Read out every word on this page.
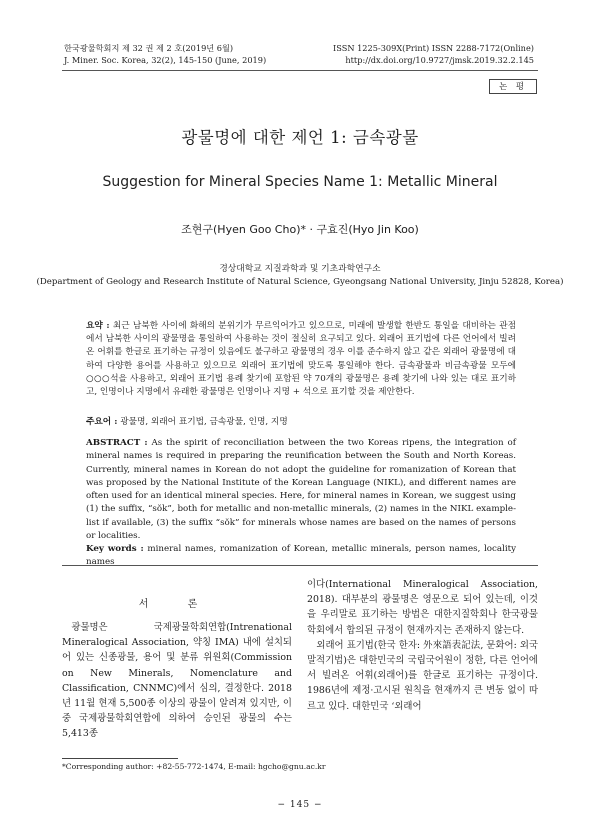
한국광물학회지 제 32 권 제 2 호(2019년 6월)
J. Miner. Soc. Korea, 32(2), 145-150 (June, 2019)
ISSN 1225-309X(Print) ISSN 2288-7172(Online)
http://dx.doi.org/10.9727/jmsk.2019.32.2.145
논 평
광물명에 대한 제언 1: 금속광물
Suggestion for Mineral Species Name 1: Metallic Mineral
조현구(Hyen Goo Cho)* · 구효진(Hyo Jin Koo)
경상대학교 지질과학과 및 기초과학연구소
(Department of Geology and Research Institute of Natural Science, Gyeongsang National University, Jinju 52828, Korea)
요약 : 최근 남북한 사이에 화해의 분위기가 무르익어가고 있으므로, 미래에 발생할 한반도 통일을 대비하는 관점에서 남북한 사이의 광물명을 통일하여 사용하는 것이 절실히 요구되고 있다. 외래어 표기법에 다른 언어에서 빌려온 어휘를 한글로 표기하는 규정이 있음에도 불구하고 광물명의 경우 이를 준수하지 않고 같은 외래어 광물명에 대하여 다양한 용어를 사용하고 있으므로 외래어 표기법에 맞도록 통일해야 한다. 금속광물과 비금속광물 모두에 ○○○석을 사용하고, 외래어 표기법 용례 찾기에 포함된 약 70개의 광물명은 용례 찾기에 나와 있는 대로 표기하고, 인명이나 지명에서 유래한 광물명은 인명이나 지명 + 석으로 표기할 것을 제안한다.
주요어 : 광물명, 외래어 표기법, 금속광물, 인명, 지명
ABSTRACT : As the spirit of reconciliation between the two Koreas ripens, the integration of mineral names is required in preparing the reunification between the South and North Koreas. Currently, mineral names in Korean do not adopt the guideline for romanization of Korean that was proposed by the National Institute of the Korean Language (NIKL), and different names are often used for an identical mineral species. Here, for mineral names in Korean, we suggest using (1) the suffix, “sŏk”, both for metallic and non-metallic minerals, (2) names in the NIKL example-list if available, (3) the suffix “sŏk” for minerals whose names are based on the names of persons or localities.
Key words : mineral names, romanization of Korean, metallic minerals, person names, locality names
서 론

광물명은 국제광물학회연합(Intrenational Mineralogical Association, 약칭 IMA) 내에 설치되어 있는 신종광물, 용어 및 분류 위원회(Commission on New Minerals, Nomenclature and Classification, CNNMC)에서 심의, 결정한다. 2018년 11월 현재 5,500종 이상의 광물이 알려져 있지만, 이 중 국제광물학회연합에 의하여 승인된 광물의 수는 5,413종

이다(International Mineralogical Association, 2018). 대부분의 광물명은 영문으로 되어 있는데, 이것을 우리말로 표기하는 방법은 대한지질학회나 한국광물학회에서 합의된 규정이 현재까지는 존재하지 않는다.

외래어 표기법(한국 한자: 外來語表記法, 문화어: 외국말적기법)은 대한민국의 국립국어원이 정한, 다른 언어에서 빌려온 어휘(외래어)를 한글로 표기하는 규정이다. 1986년에 제정·고시된 원칙을 현재까지 큰 변동 없이 따르고 있다. 대한민국 ‘외래어

*Corresponding author: +82-55-772-1474, E-mail: hgcho@gnu.ac.kr
− 145 −
